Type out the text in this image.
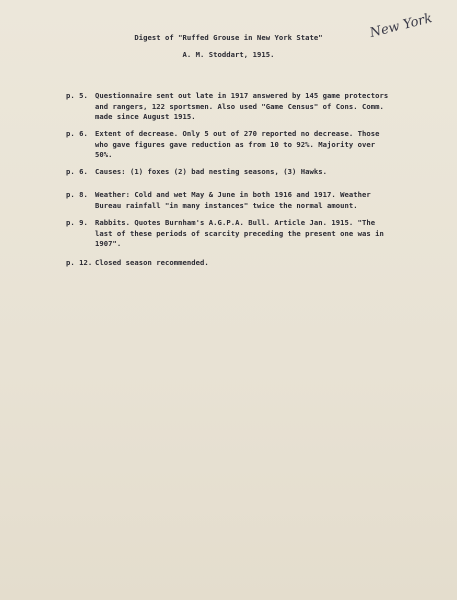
Digest of "Ruffed Grouse in New York State"
A. M. Stoddart, 1915.
New York
p. 5. Questionnaire sent out late in 1917 answered by 145 game protectors
and rangers, 122 sportsmen. Also used "Game Census" of Cons. Comm.
made since August 1915.
p. 6. Extent of decrease. Only 5 out of 270 reported no decrease. Those
who gave figures gave reduction as from 10 to 92%. Majority over
50%.
p. 6. Causes: (1) foxes (2) bad nesting seasons, (3) Hawks.
p. 8. Weather: Cold and wet May & June in both 1916 and 1917. Weather
Bureau rainfall "in many instances" twice the normal amount.
p. 9. Rabbits. Quotes Burnham's A.G.P.A. Bull. Article Jan. 1915. "The
last of these periods of scarcity preceding the present one was in
1907".
p. 12. Closed season recommended.
